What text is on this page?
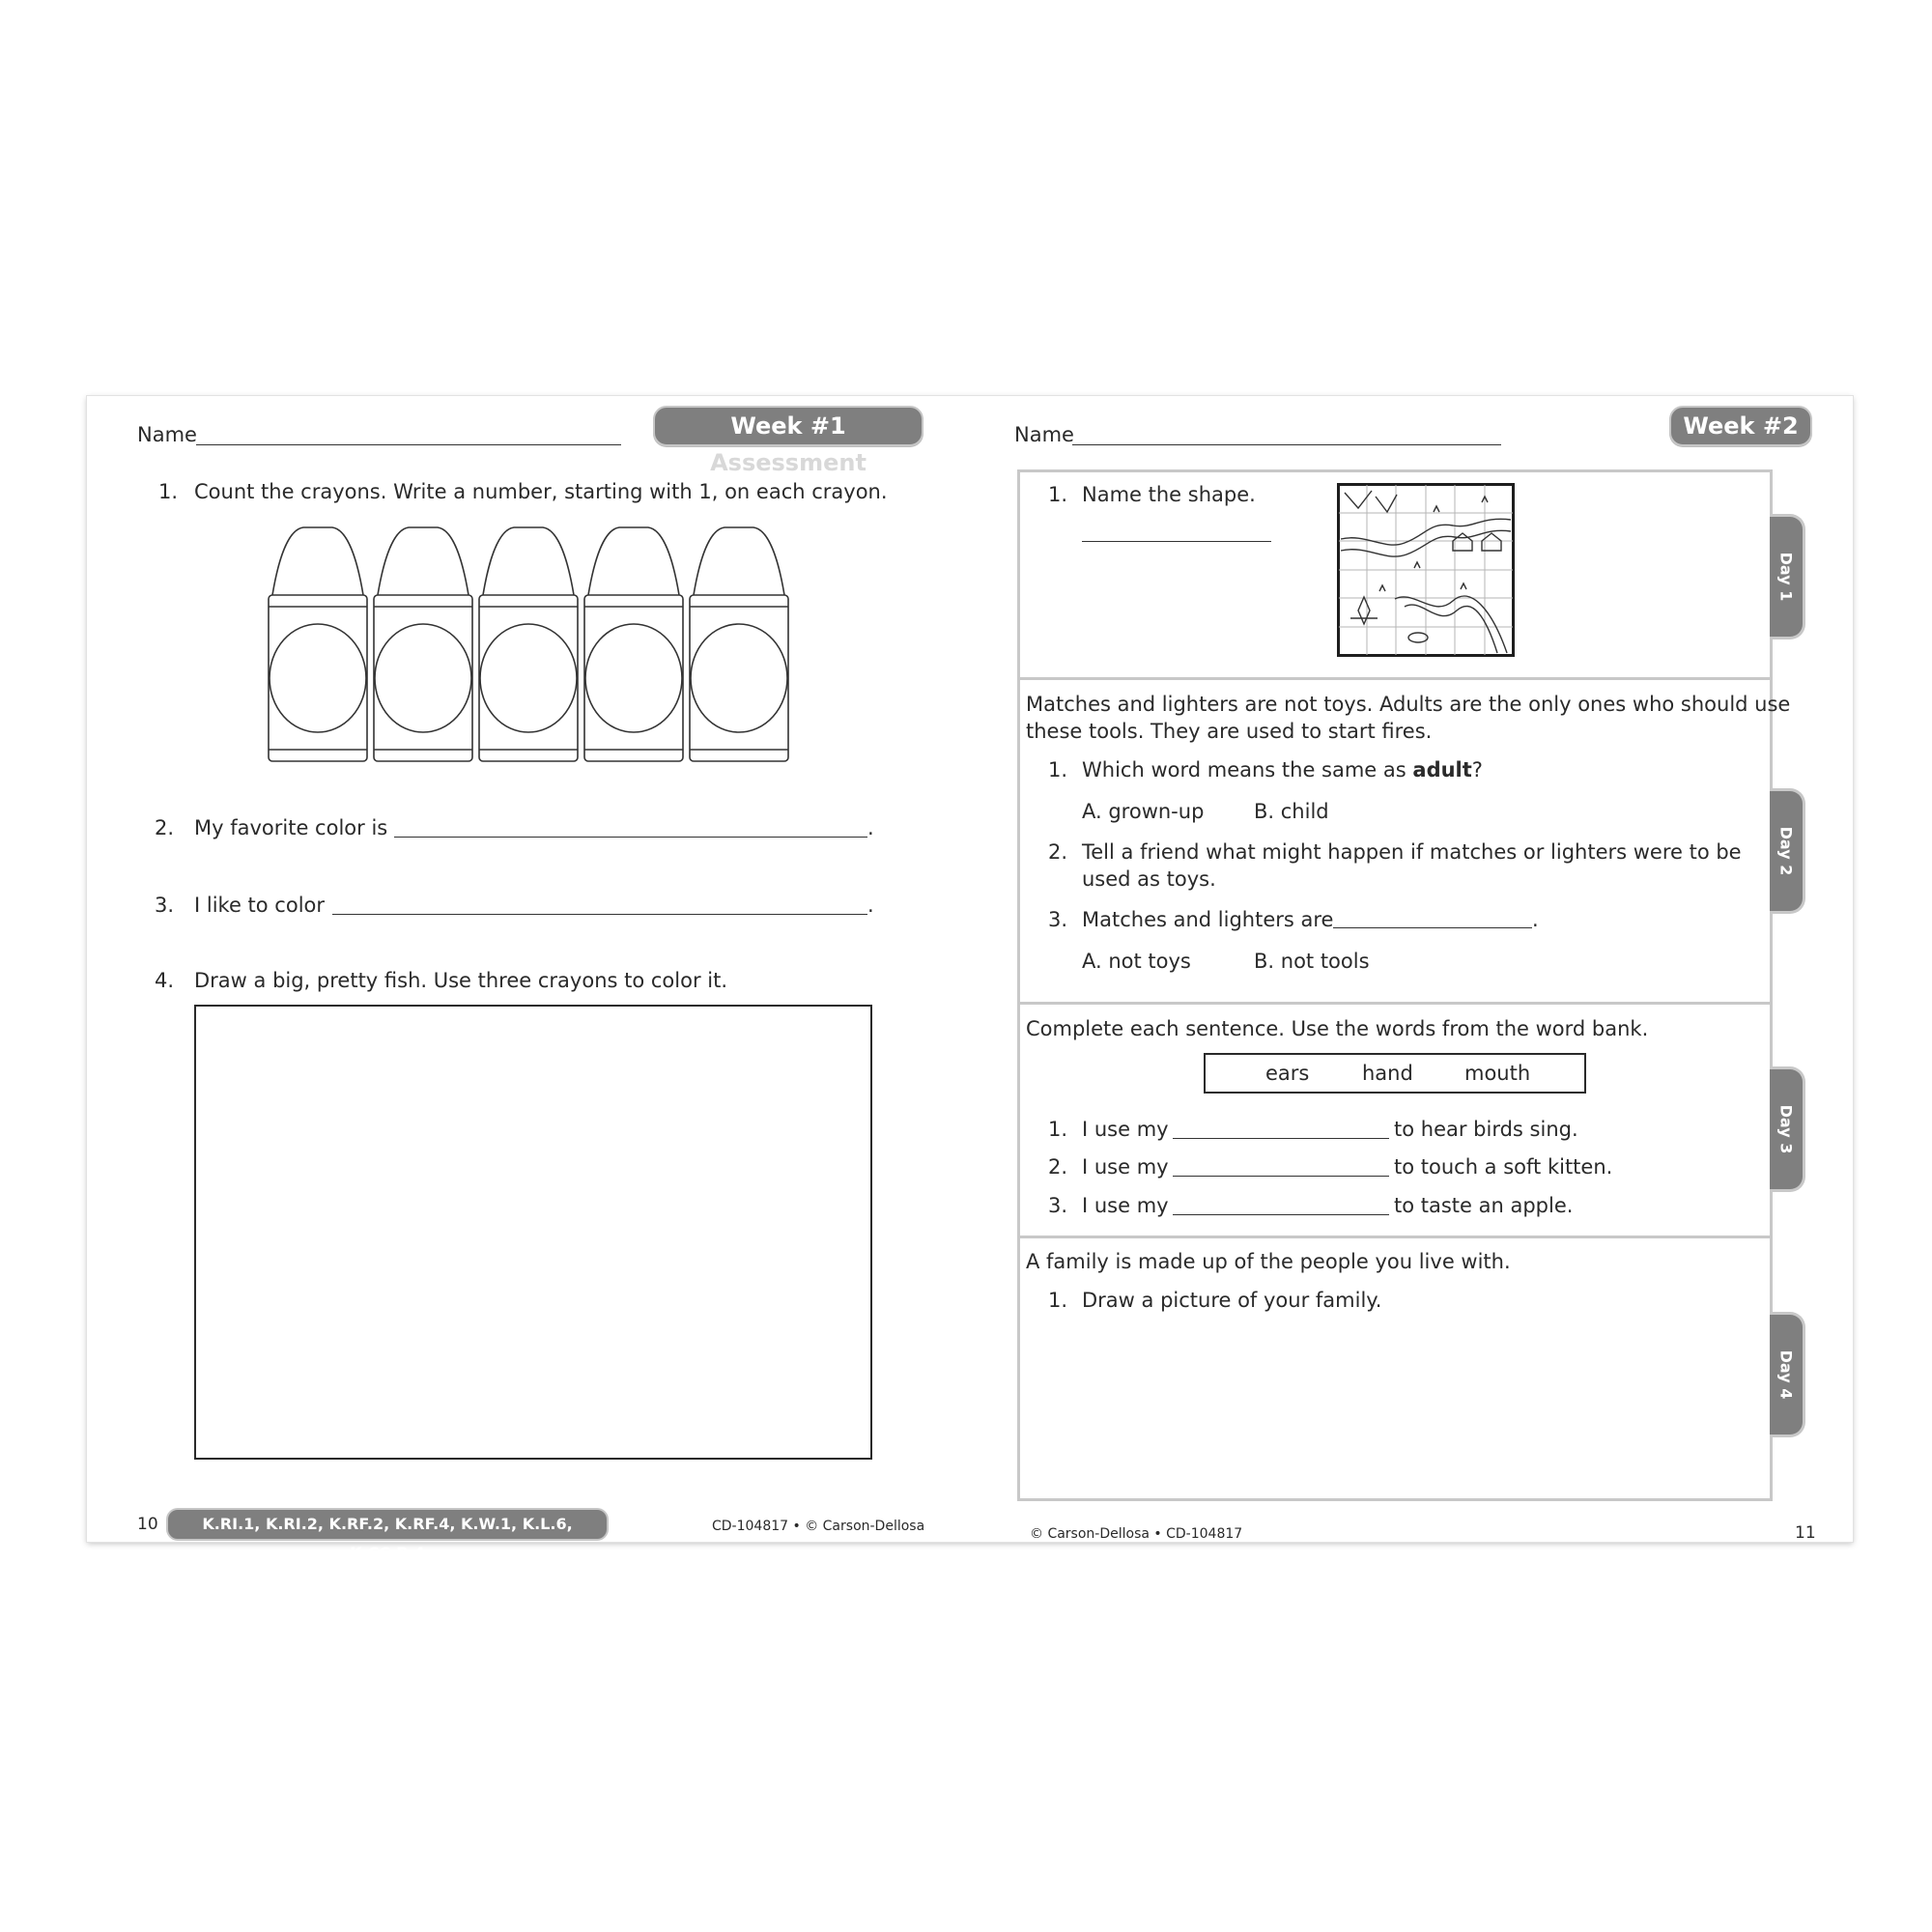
Name	Week #1 Assessment
1. Count the crayons. Write a number, starting with 1, on each crayon.
2. My favorite color is	.
3. I like to color	.
4. Draw a big, pretty fish. Use three crayons to color it.
10	K.RI.1, K.RI.2, K.RF.2, K.RF.4, K.W.1, K.L.6, K.CC.B.4
CD-104817 • © Carson-Dellosa
Name	Week #2
Day 1
Day 2
Day 3
Day 4
1. Name the shape.
Matches and lighters are not toys. Adults are the only ones who should use
these tools. They are used to start fires.
1. Which word means the same as adult?
A. grown-up B. child
2. Tell a friend what might happen if matches or lighters were to be
used as toys.
3. Matches and lighters are	.
A. not toys	B. not tools
Complete each sentence. Use the words from the word bank.
ears	hand	mouth
1. I use my	to hear birds sing.
2. I use my	to touch a soft kitten.
3. I use my	to taste an apple.
A family is made up of the people you live with.
1. Draw a picture of your family.
© Carson-Dellosa • CD-104817	11
